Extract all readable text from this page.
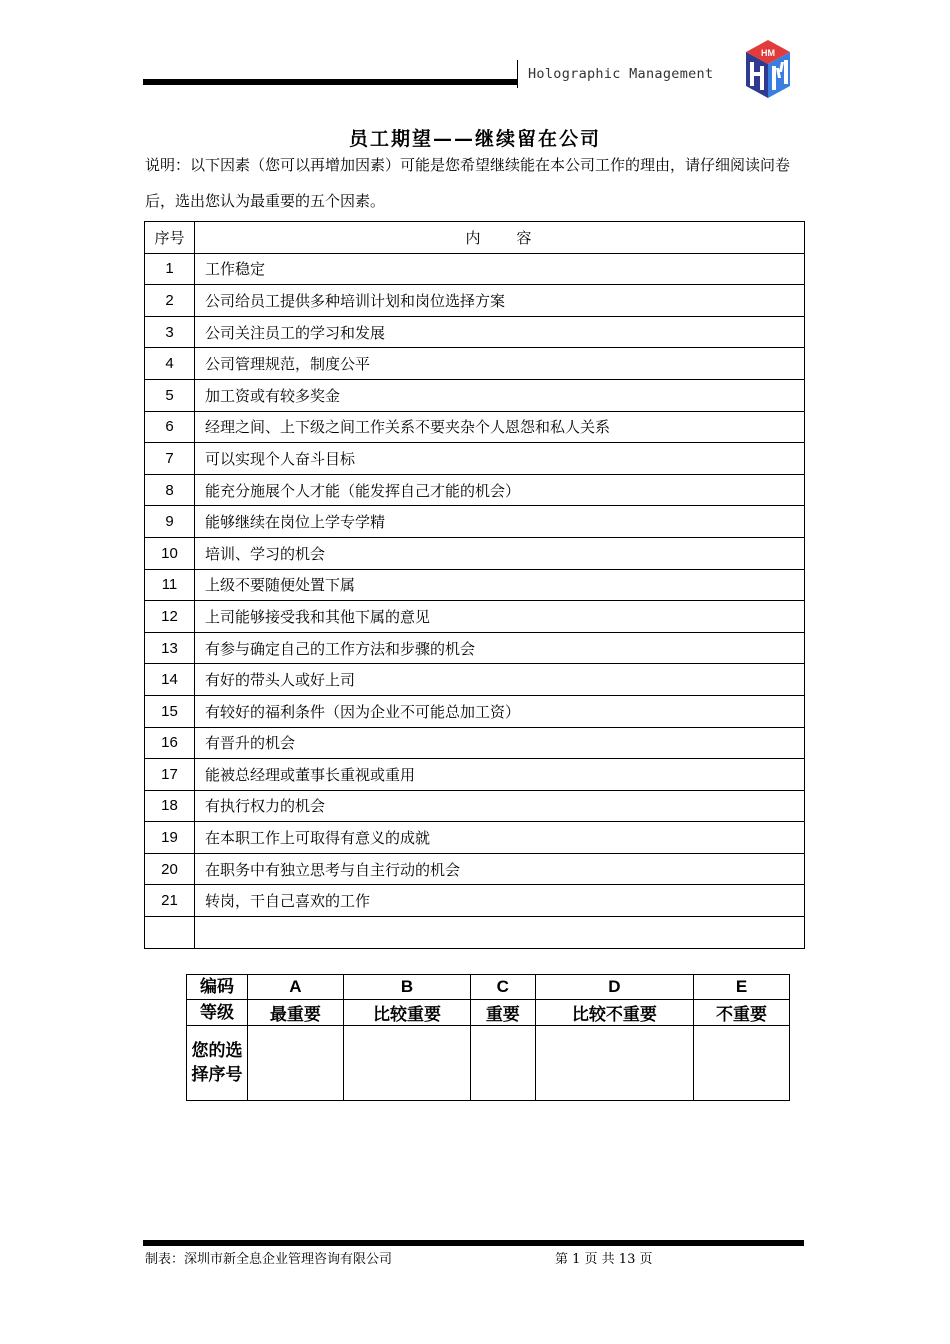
Holographic Management
HM
员工期望——继续留在公司
说明：以下因素（您可以再增加因素）可能是您希望继续能在本公司工作的理由，请仔细阅读问卷后，选出您认为最重要的五个因素。
序号	内　　容
1	工作稳定
2	公司给员工提供多种培训计划和岗位选择方案
3	公司关注员工的学习和发展
4	公司管理规范，制度公平
5	加工资或有较多奖金
6	经理之间、上下级之间工作关系不要夹杂个人恩怨和私人关系
7	可以实现个人奋斗目标
8	能充分施展个人才能（能发挥自己才能的机会）
9	能够继续在岗位上学专学精
10	培训、学习的机会
11	上级不要随便处置下属
12	上司能够接受我和其他下属的意见
13	有参与确定自己的工作方法和步骤的机会
14	有好的带头人或好上司
15	有较好的福利条件（因为企业不可能总加工资）
16	有晋升的机会
17	能被总经理或董事长重视或重用
18	有执行权力的机会
19	在本职工作上可取得有意义的成就
20	在职务中有独立思考与自主行动的机会
21	转岗，干自己喜欢的工作

编码	A	B	C	D	E
等级	最重要	比较重要	重要	比较不重要	不重要
您的选择序号					
制表：深圳市新全息企业管理咨询有限公司	第 1 页 共 13 页
